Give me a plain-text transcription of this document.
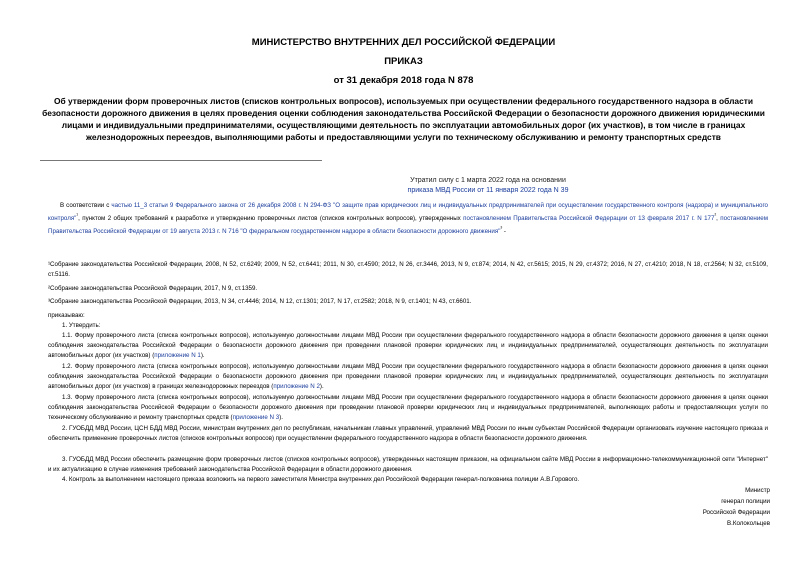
МИНИСТЕРСТВО ВНУТРЕННИХ ДЕЛ РОССИЙСКОЙ ФЕДЕРАЦИИ
ПРИКАЗ
от 31 декабря 2018 года N 878
Об утверждении форм проверочных листов (списков контрольных вопросов), используемых при осуществлении федерального государственного надзора в области безопасности дорожного движения в целях проведения оценки соблюдения законодательства Российской Федерации о безопасности дорожного движения юридическими лицами и индивидуальными предпринимателями, осуществляющими деятельность по эксплуатации автомобильных дорог (их участков), в том числе в границах железнодорожных переездов, выполняющими работы и предоставляющими услуги по техническому обслуживанию и ремонту транспортных средств
Утратил силу с 1 марта 2022 года на основании
приказа МВД России от 11 января 2022 года N 39
В соответствии с частью 11_3 статьи 9 Федерального закона от 26 декабря 2008 г. N 294-ФЗ "О защите прав юридических лиц и индивидуальных предпринимателей при осуществлении государственного контроля (надзора) и муниципального контроля"$^{^1}$, пунктом 2 общих требований к разработке и утверждению проверочных листов (списков контрольных вопросов), утвержденных постановлением Правительства Российской Федерации от 13 февраля 2017 г. N $177^{^2}$, постановлением Правительства Российской Федерации от 19 августа 2013 г. N 716 "О федеральном государственном надзоре в области безопасности дорожного движения"$^{^3}$ -
¹Собрание законодательства Российской Федерации, 2008, N 52, ст.6249; 2009, N 52, ст.6441; 2011, N 30, ст.4590; 2012, N 26, ст.3446, 2013, N 9, ст.874; 2014, N 42, ст.5615; 2015, N 29, ст.4372; 2016, N 27, ст.4210; 2018, N 18, ст.2564; N 32, ст.5109, ст.5116.
²Собрание законодательства Российской Федерации, 2017, N 9, ст.1359.
³Собрание законодательства Российской Федерации, 2013, N 34, ст.4446; 2014, N 12, ст.1301; 2017, N 17, ст.2582; 2018, N 9, ст.1401; N 43, ст.6601.
приказываю:
1. Утвердить:
1.1. Форму проверочного листа (списка контрольных вопросов), используемую должностными лицами МВД России при осуществлении федерального государственного надзора в области безопасности дорожного движения в целях оценки соблюдения законодательства Российской Федерации о безопасности дорожного движения при проведении плановой проверки юридических лиц и индивидуальных предпринимателей, осуществляющих деятельность по эксплуатации автомобильных дорог (их участков) (приложение N 1).
1.2. Форму проверочного листа (списка контрольных вопросов), используемую должностными лицами МВД России при осуществлении федерального государственного надзора в области безопасности дорожного движения в целях оценки соблюдения законодательства Российской Федерации о безопасности дорожного движения при проведении плановой проверки юридических лиц и индивидуальных предпринимателей, осуществляющих деятельность по эксплуатации автомобильных дорог (их участков) в границах железнодорожных переездов (приложение N 2).
1.3. Форму проверочного листа (списка контрольных вопросов), используемую должностными лицами МВД России при осуществлении федерального государственного надзора в области безопасности дорожного движения в целях оценки соблюдения законодательства Российской Федерации о безопасности дорожного движения при проведении плановой проверки юридических лиц и индивидуальных предпринимателей, выполняющих работы и предоставляющих услуги по техническому обслуживанию и ремонту транспортных средств (приложение N 3).
2. ГУОБДД МВД России, ЦСН БДД МВД России, министрам внутренних дел по республикам, начальникам главных управлений, управлений МВД России по иным субъектам Российской Федерации организовать изучение настоящего приказа и обеспечить применение проверочных листов (списков контрольных вопросов) при осуществлении федерального государственного надзора в области безопасности дорожного движения.
3. ГУОБДД МВД России обеспечить размещение форм проверочных листов (списков контрольных вопросов), утвержденных настоящим приказом, на официальном сайте МВД России в информационно-телекоммуникационной сети "Интернет" и их актуализацию в случае изменения требований законодательства Российской Федерации в области дорожного движения.
4. Контроль за выполнением настоящего приказа возложить на первого заместителя Министра внутренних дел Российской Федерации генерал-полковника полиции А.В.Горового.
Министр
генерал полиции
Российской Федерации
В.Колокольцев
